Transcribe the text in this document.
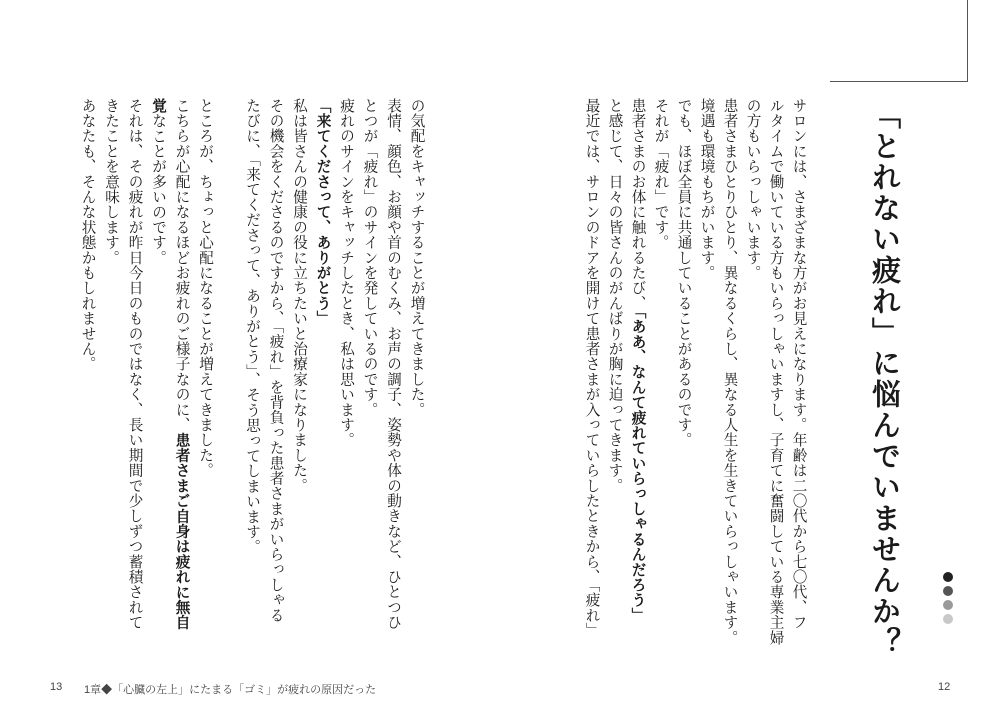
「とれない疲れ」に悩んでいませんか？
サロンには、さまざまな方がお見えになります。年齢は二〇代から七〇代、フ
ルタイムで働いている方もいらっしゃいますし、子育てに奮闘している専業主婦
の方もいらっしゃいます。
患者さまひとりひとり、異なるくらし、異なる人生を生きていらっしゃいます。
境遇も環境もちがいます。
でも、ほぼ全員に共通していることがあるのです。
それが「疲れ」です。
患者さまのお体に触れるたび、「ああ、なんて疲れていらっしゃるんだろう」
と感じて、日々の皆さんのがんばりが胸に迫ってきます。
最近では、サロンのドアを開けて患者さまが入っていらしたときから、「疲れ」
の気配をキャッチすることが増えてきました。
表情、顔色、お顔や首のむくみ、お声の調子、姿勢や体の動きなど、ひとつひ
とつが「疲れ」のサインを発しているのです。
疲れのサインをキャッチしたとき、私は思います。
「来てくださって、ありがとう」
私は皆さんの健康の役に立ちたいと治療家になりました。
その機会をくださるのですから、「疲れ」を背負った患者さまがいらっしゃる
たびに、「来てくださって、ありがとう」、そう思ってしまいます。
ところが、ちょっと心配になることが増えてきました。
こちらが心配になるほどお疲れのご様子なのに、患者さまご自身は疲れに無自
覚なことが多いのです。
それは、その疲れが昨日今日のものではなく、長い期間で少しずつ蓄積されて
きたことを意味します。
あなたも、そんな状態かもしれません。
13 1章◆「心臓の左上」にたまる「ゴミ」が疲れの原因だった	12
